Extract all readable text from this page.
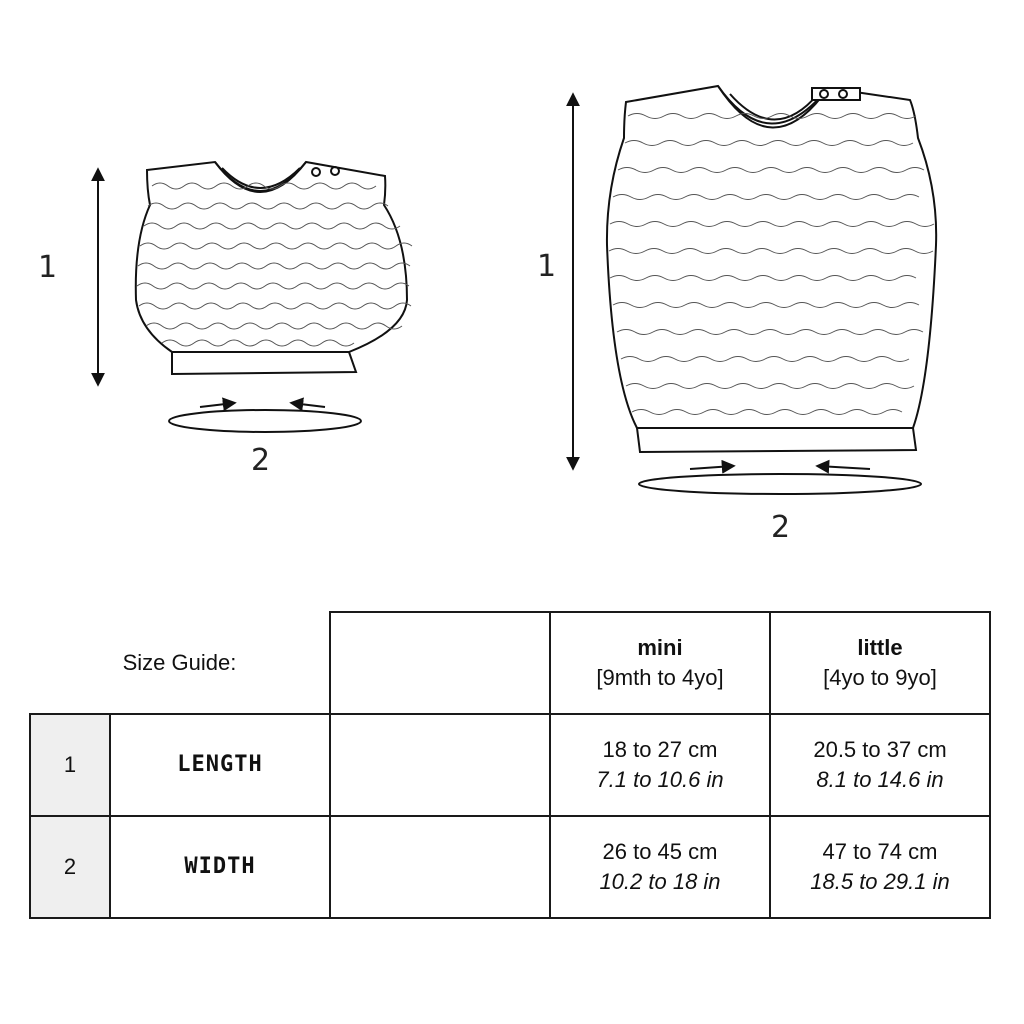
1
2
1
2
Size Guide:			mini
[9mth to 4yo]	little
[4yo to 9yo]

1	LENGTH		18 to 27 cm
7.1 to 10.6 in	20.5 to 37 cm
8.1 to 14.6 in

2	WIDTH		26 to 45 cm
10.2 to 18 in	47 to 74 cm
18.5 to 29.1 in
